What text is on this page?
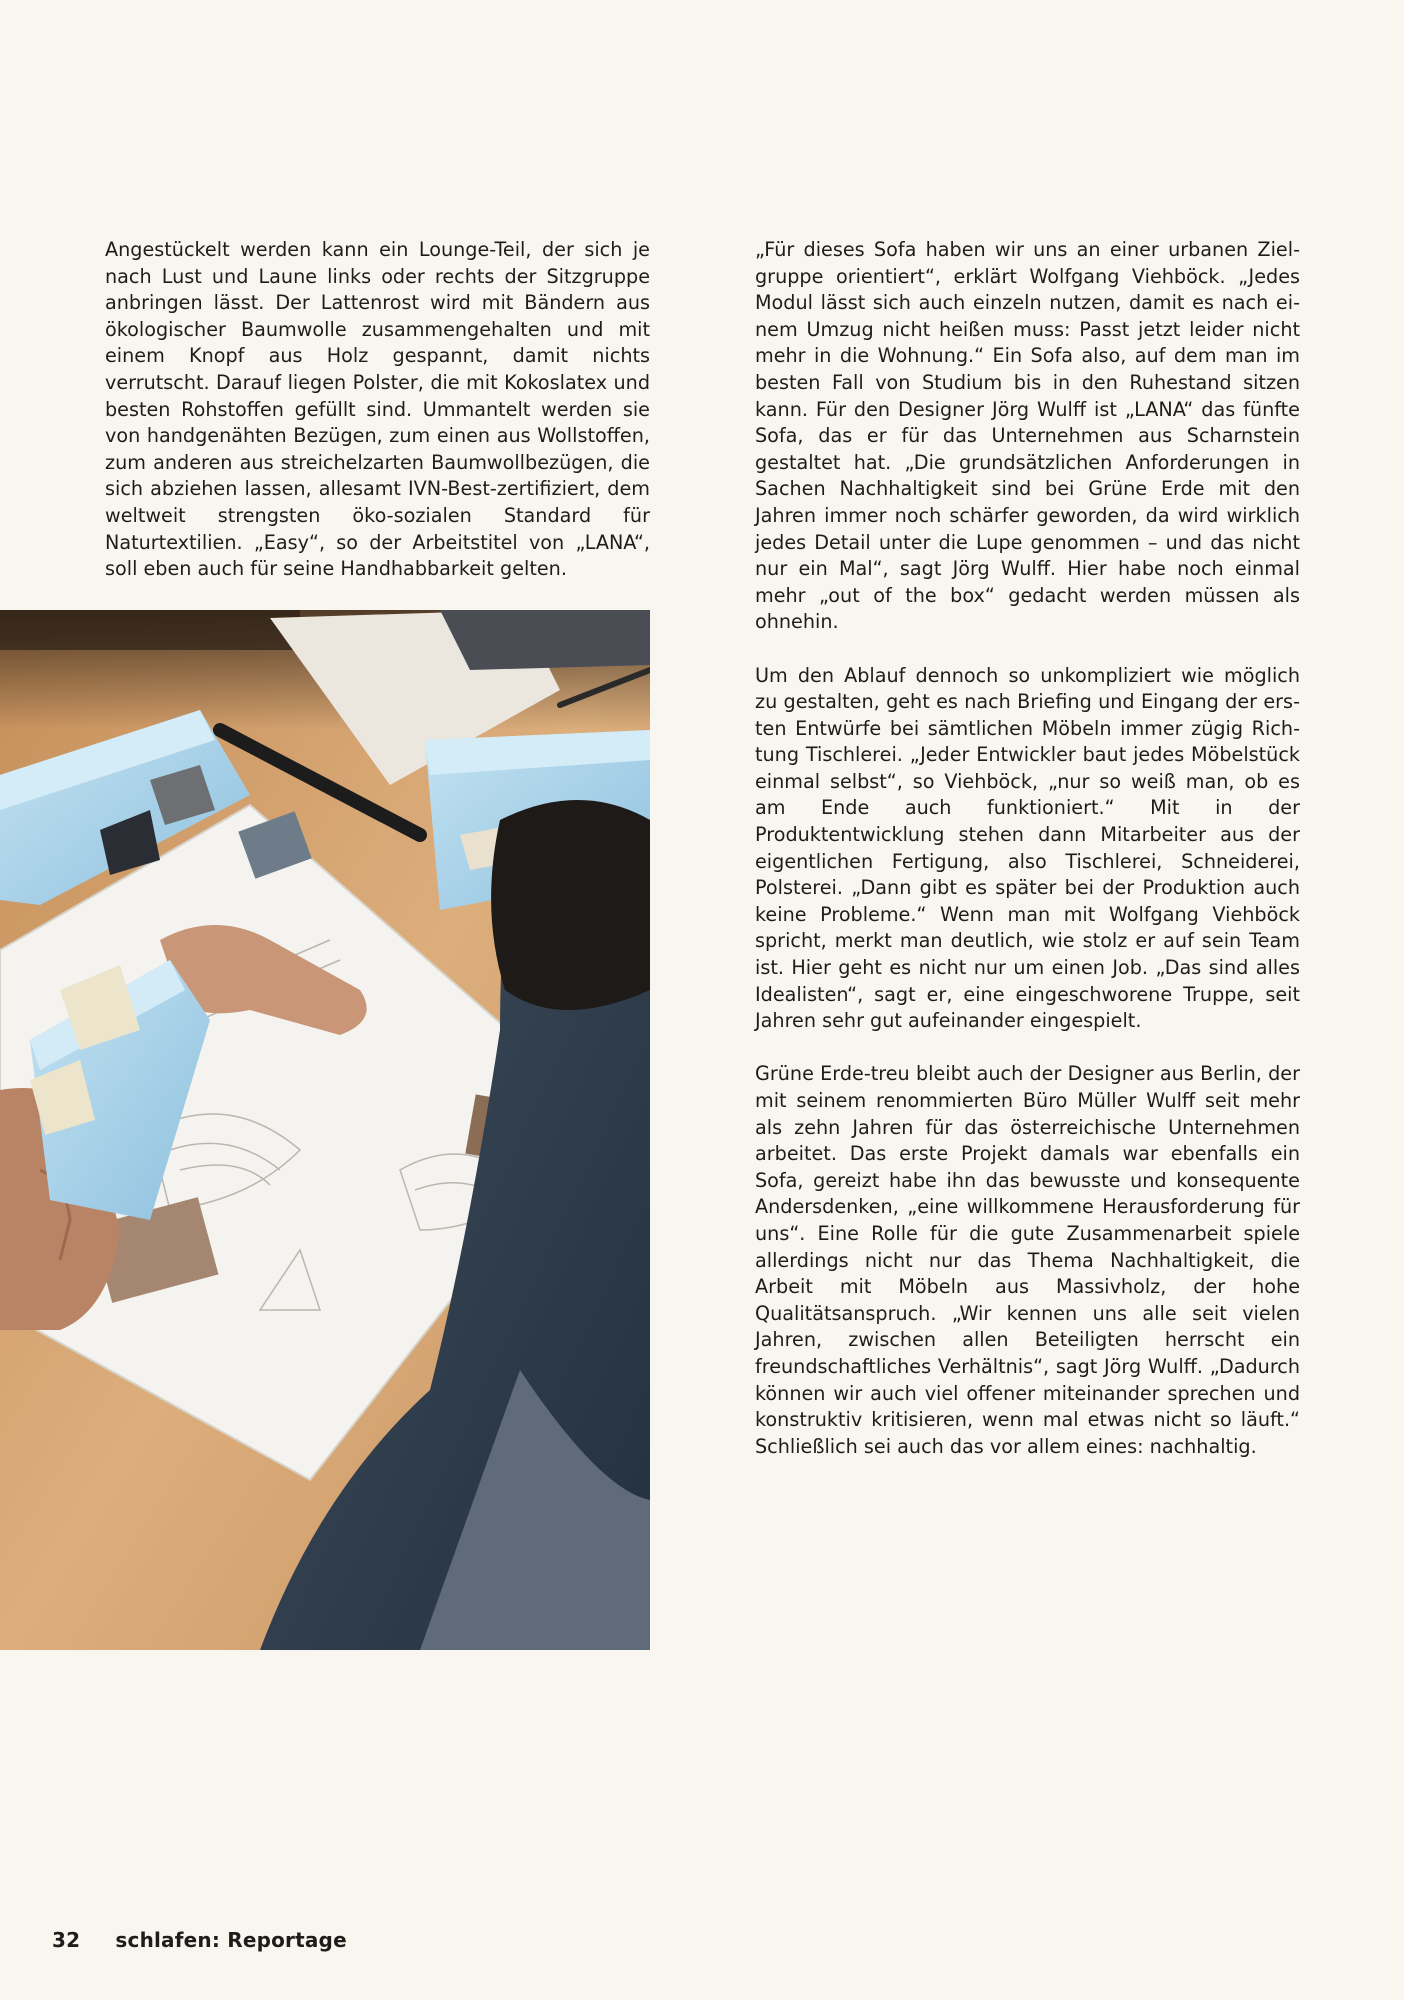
Angestückelt werden kann ein Lounge-Teil, der sich je nach Lust und Laune links oder rechts der Sitzgruppe anbringen lässt. Der Lattenrost wird mit Bändern aus ökologischer Baumwolle zusammengehalten und mit einem Knopf aus Holz gespannt, damit nichts verrutscht. Darauf liegen Polster, die mit Kokoslatex und besten Rohstoffen gefüllt sind. Ummantelt werden sie von handgenähten Bezügen, zum einen aus Wollstoffen, zum anderen aus streichelzarten Baumwollbezügen, die sich abziehen lassen, allesamt IVN-Best-zertifiziert, dem weltweit strengsten öko-sozialen Standard für Naturtextilien. „Easy“, so der Arbeitstitel von „LANA“, soll eben auch für seine Handhabbarkeit gelten.

„Für dieses Sofa haben wir uns an einer urbanen Zielgruppe orientiert“, erklärt Wolfgang Viehböck. „Jedes Modul lässt sich auch einzeln nutzen, damit es nach einem Umzug nicht heißen muss: Passt jetzt leider nicht mehr in die Wohnung.“ Ein Sofa also, auf dem man im besten Fall von Studium bis in den Ruhestand sitzen kann. Für den Designer Jörg Wulff ist „LANA“ das fünfte Sofa, das er für das Unternehmen aus Scharnstein gestaltet hat. „Die grundsätzlichen Anforderungen in Sachen Nachhaltigkeit sind bei Grüne Erde mit den Jahren immer noch schärfer geworden, da wird wirklich jedes Detail unter die Lupe genommen – und das nicht nur ein Mal“, sagt Jörg Wulff. Hier habe noch einmal mehr „out of the box“ gedacht werden müssen als ohnehin.

Um den Ablauf dennoch so unkompliziert wie möglich zu gestalten, geht es nach Briefing und Eingang der ersten Entwürfe bei sämtlichen Möbeln immer zügig Richtung Tischlerei. „Jeder Entwickler baut jedes Möbelstück einmal selbst“, so Viehböck, „nur so weiß man, ob es am Ende auch funktioniert.“ Mit in der Produktentwicklung stehen dann Mitarbeiter aus der eigentlichen Fertigung, also Tischlerei, Schneiderei, Polsterei. „Dann gibt es später bei der Produktion auch keine Probleme.“ Wenn man mit Wolfgang Viehböck spricht, merkt man deutlich, wie stolz er auf sein Team ist. Hier geht es nicht nur um einen Job. „Das sind alles Idealisten“, sagt er, eine eingeschworene Truppe, seit Jahren sehr gut aufeinander eingespielt.

Grüne Erde-treu bleibt auch der Designer aus Berlin, der mit seinem renommierten Büro Müller Wulff seit mehr als zehn Jahren für das österreichische Unternehmen arbeitet. Das erste Projekt damals war ebenfalls ein Sofa, gereizt habe ihn das bewusste und konsequente Andersdenken, „eine willkommene Herausforderung für uns“. Eine Rolle für die gute Zusammenarbeit spiele allerdings nicht nur das Thema Nachhaltigkeit, die Arbeit mit Möbeln aus Massivholz, der hohe Qualitätsanspruch. „Wir kennen uns alle seit vielen Jahren, zwischen allen Beteiligten herrscht ein freundschaftliches Verhältnis“, sagt Jörg Wulff. „Dadurch können wir auch viel offener miteinander sprechen und konstruktiv kritisieren, wenn mal etwas nicht so läuft.“ Schließlich sei auch das vor allem eines: nachhaltig.

32 schlafen: Reportage
